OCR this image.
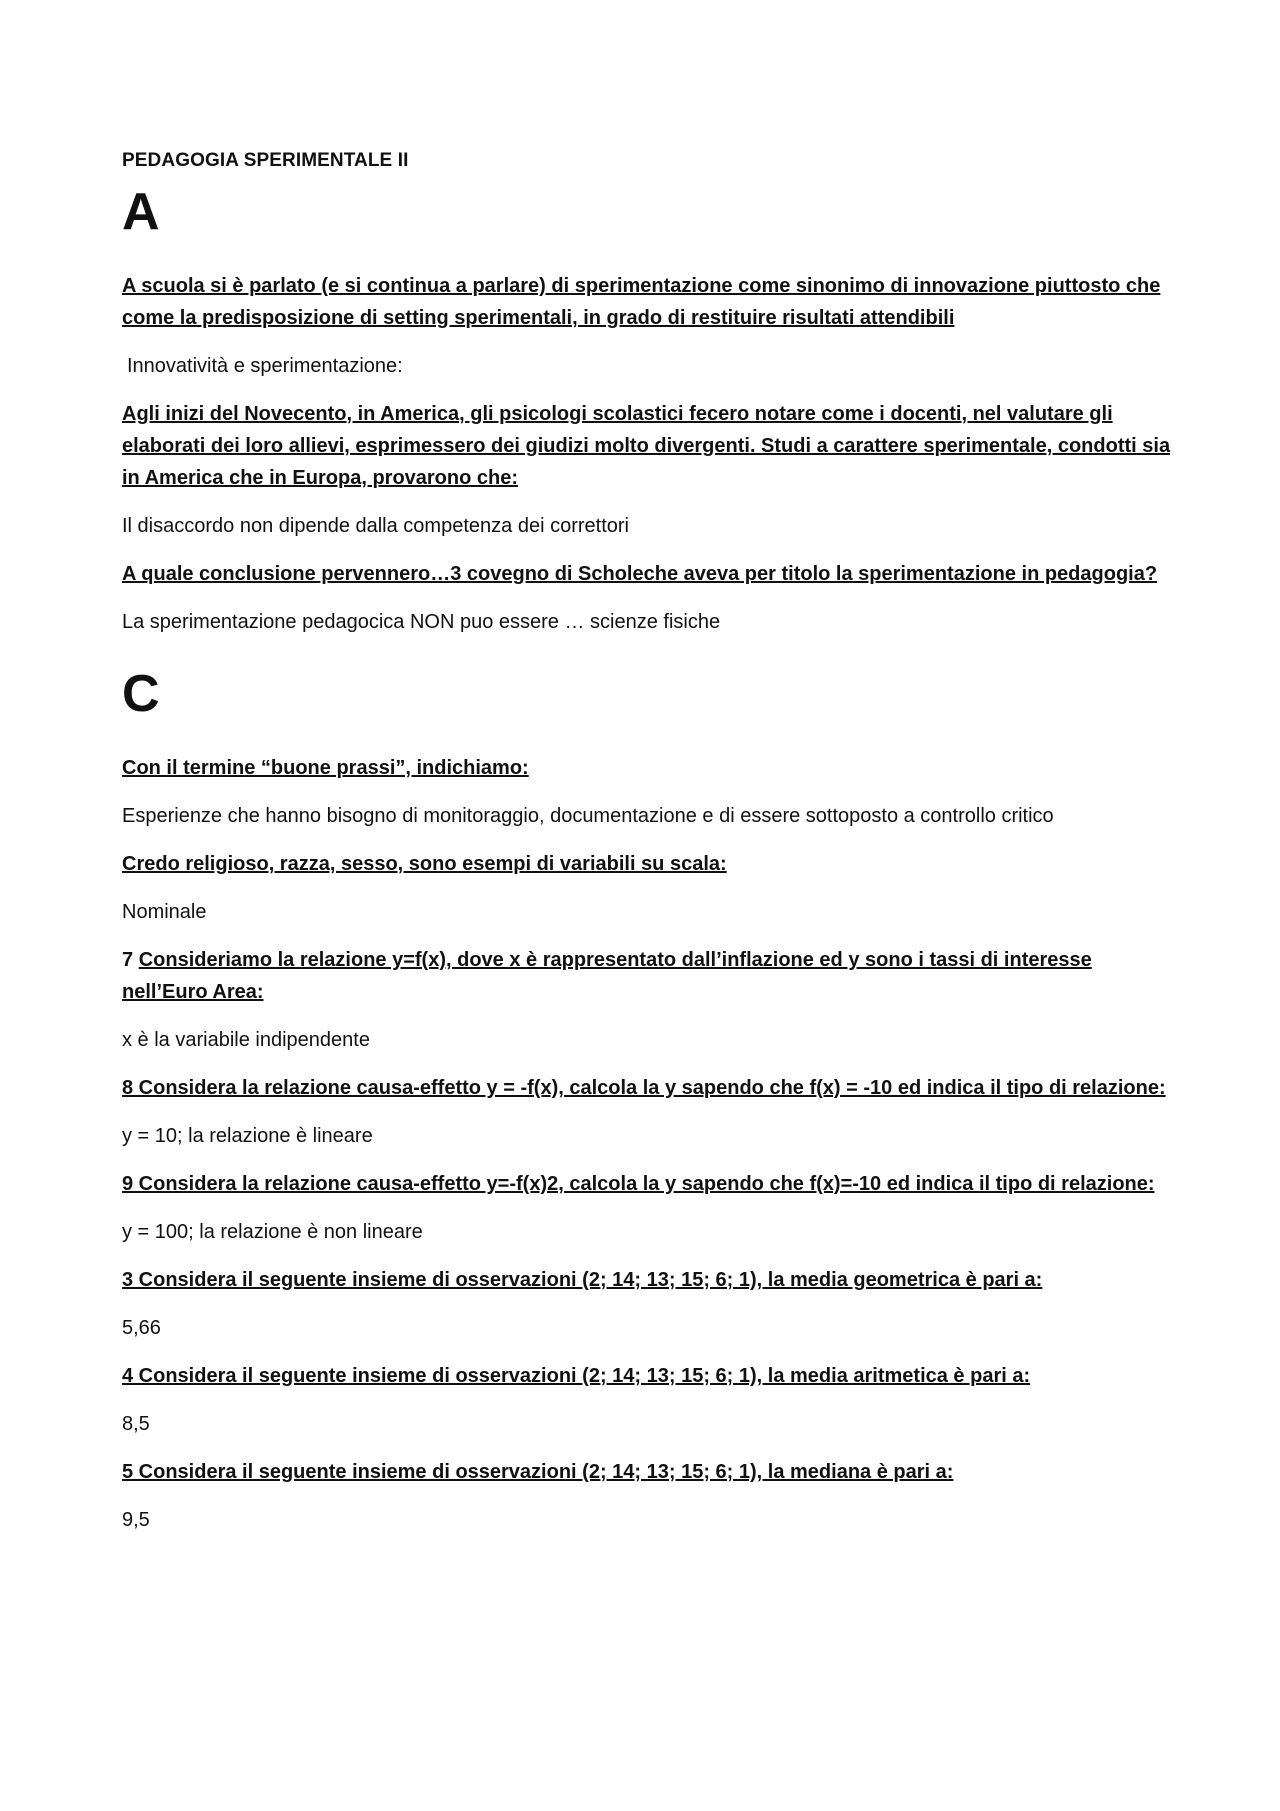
PEDAGOGIA SPERIMENTALE II
A
A scuola si è parlato (e si continua a parlare) di sperimentazione come sinonimo di innovazione piuttosto che come la predisposizione di setting sperimentali, in grado di restituire risultati attendibili
Innovatività e sperimentazione:
Agli inizi del Novecento, in America, gli psicologi scolastici fecero notare come i docenti, nel valutare gli elaborati dei loro allievi, esprimessero dei giudizi molto divergenti. Studi a carattere sperimentale, condotti sia in America che in Europa, provarono che:
Il disaccordo non dipende dalla competenza dei correttori
A quale conclusione pervennero…3 covegno di Scholeche aveva per titolo la sperimentazione in pedagogia?
La sperimentazione pedagocica NON puo essere … scienze fisiche
C
Con il termine “buone prassi”, indichiamo:
Esperienze che hanno bisogno di monitoraggio, documentazione e di essere sottoposto a controllo critico
Credo religioso, razza, sesso, sono esempi di variabili su scala:
Nominale
7 Consideriamo la relazione y=f(x), dove x è rappresentato dall’inflazione ed y sono i tassi di interesse nell’Euro Area:
x è la variabile indipendente
8 Considera la relazione causa-effetto y = -f(x), calcola la y sapendo che f(x) = -10 ed indica il tipo di relazione:
y = 10; la relazione è lineare
9 Considera la relazione causa-effetto y=-f(x)2, calcola la y sapendo che f(x)=-10 ed indica il tipo di relazione:
y = 100; la relazione è non lineare
3 Considera il seguente insieme di osservazioni (2; 14; 13; 15; 6; 1), la media geometrica è pari a:
5,66
4 Considera il seguente insieme di osservazioni (2; 14; 13; 15; 6; 1), la media aritmetica è pari a:
8,5
5 Considera il seguente insieme di osservazioni (2; 14; 13; 15; 6; 1), la mediana è pari a:
9,5
